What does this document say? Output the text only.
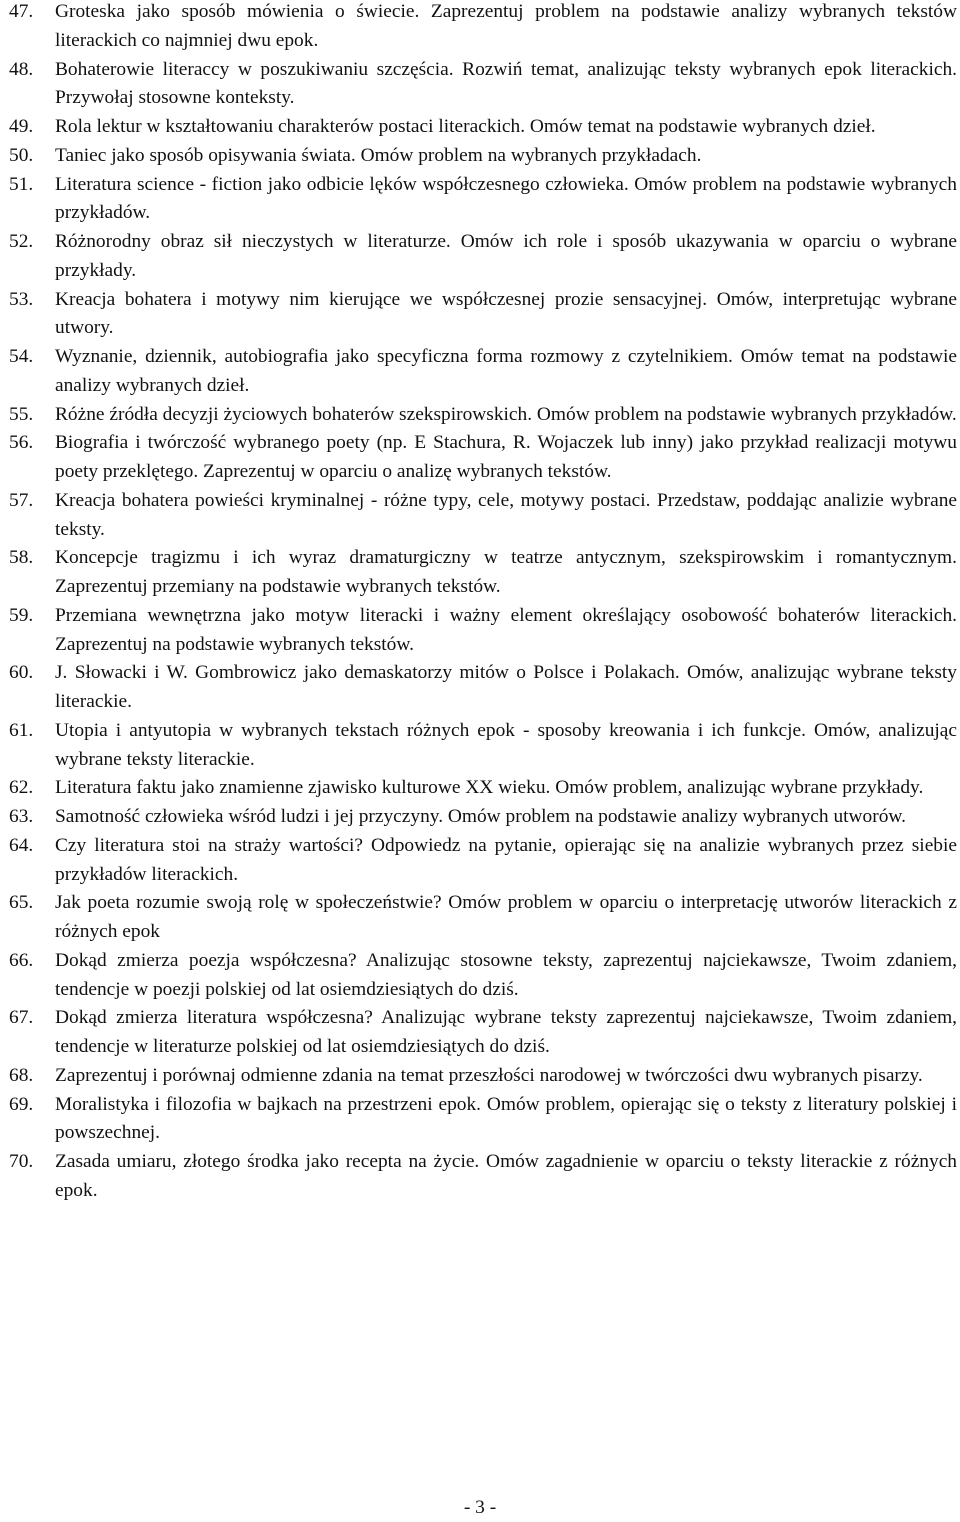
47.	Groteska jako sposób mówienia o świecie. Zaprezentuj problem na podstawie analizy wybranych tekstów literackich co najmniej dwu epok.
48.	Bohaterowie literaccy w poszukiwaniu szczęścia. Rozwiń temat, analizując teksty wybranych epok literackich. Przywołaj stosowne konteksty.
49.	Rola lektur w kształtowaniu charakterów postaci literackich. Omów temat na podstawie wybranych dzieł.
50.	Taniec jako sposób opisywania świata. Omów problem na wybranych przykładach.
51.	Literatura science - fiction jako odbicie lęków współczesnego człowieka. Omów problem na podstawie wybranych przykładów.
52.	Różnorodny obraz sił nieczystych w literaturze. Omów ich role i sposób ukazywania w oparciu o wybrane przykłady.
53.	Kreacja bohatera i motywy nim kierujące we współczesnej prozie sensacyjnej. Omów, interpretując wybrane utwory.
54.	Wyznanie, dziennik, autobiografia jako specyficzna forma rozmowy z czytelnikiem. Omów temat na podstawie analizy wybranych dzieł.
55.	Różne źródła decyzji życiowych bohaterów szekspirowskich. Omów problem na podstawie wybranych przykładów.
56.	Biografia i twórczość wybranego poety (np. E Stachura, R. Wojaczek lub inny) jako przykład realizacji motywu poety przeklętego. Zaprezentuj w oparciu o analizę wybranych tekstów.
57.	Kreacja bohatera powieści kryminalnej - różne typy, cele, motywy postaci. Przedstaw, poddając analizie wybrane teksty.
58.	Koncepcje tragizmu i ich wyraz dramaturgiczny w teatrze antycznym, szekspirowskim i romantycznym. Zaprezentuj przemiany na podstawie wybranych tekstów.
59.	Przemiana wewnętrzna jako motyw literacki i ważny element określający osobowość bohaterów literackich. Zaprezentuj na podstawie wybranych tekstów.
60.	J. Słowacki i W. Gombrowicz jako demaskatorzy mitów o Polsce i Polakach. Omów, analizując wybrane teksty literackie.
61.	Utopia i antyutopia w wybranych tekstach różnych epok - sposoby kreowania i ich funkcje. Omów, analizując wybrane teksty literackie.
62.	Literatura faktu jako znamienne zjawisko kulturowe XX wieku. Omów problem, analizując wybrane przykłady.
63.	Samotność człowieka wśród ludzi i jej przyczyny. Omów problem na podstawie analizy wybranych utworów.
64.	Czy literatura stoi na straży wartości? Odpowiedz na pytanie, opierając się na analizie wybranych przez siebie przykładów literackich.
65.	Jak poeta rozumie swoją rolę w społeczeństwie? Omów problem w oparciu o interpretację utworów literackich z różnych epok
66.	Dokąd zmierza poezja współczesna? Analizując stosowne teksty, zaprezentuj najciekawsze, Twoim zdaniem, tendencje w poezji polskiej od lat osiemdziesiątych do dziś.
67.	Dokąd zmierza literatura współczesna? Analizując wybrane teksty zaprezentuj najciekawsze, Twoim zdaniem, tendencje w literaturze polskiej od lat osiemdziesiątych do dziś.
68.	Zaprezentuj i porównaj odmienne zdania na temat przeszłości narodowej w twórczości dwu wybranych pisarzy.
69.	Moralistyka i filozofia w bajkach na przestrzeni epok. Omów problem, opierając się o teksty z literatury polskiej i powszechnej.
70.	Zasada umiaru, złotego środka jako recepta na życie. Omów zagadnienie w oparciu o teksty literackie z różnych epok.
- 3 -
